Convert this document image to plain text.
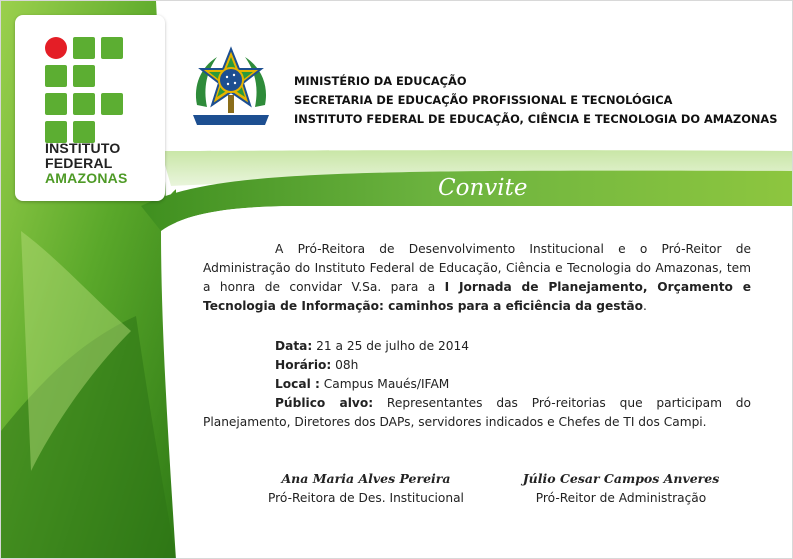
INSTITUTO
FEDERAL
AMAZONAS
MINISTÉRIO DA EDUCAÇÃO
SECRETARIA DE EDUCAÇÃO PROFISSIONAL E TECNOLÓGICA
INSTITUTO FEDERAL DE EDUCAÇÃO, CIÊNCIA E TECNOLOGIA DO AMAZONAS
Convite
A Pró-Reitora de Desenvolvimento Institucional e o Pró-Reitor de Administração do Instituto Federal de Educação, Ciência e Tecnologia do Amazonas, tem a honra de convidar V.Sa. para a I Jornada de Planejamento, Orçamento e Tecnologia de Informação: caminhos para a eficiência da gestão.
Data: 21 a 25 de julho de 2014
Horário: 08h
Local : Campus Maués/IFAM
Público alvo: Representantes das Pró-reitorias que participam do Planejamento, Diretores dos DAPs, servidores indicados e Chefes de TI dos Campi.
Ana Maria Alves Pereira
Pró-Reitora de Des. Institucional
Júlio Cesar Campos Anveres
Pró-Reitor de Administração
